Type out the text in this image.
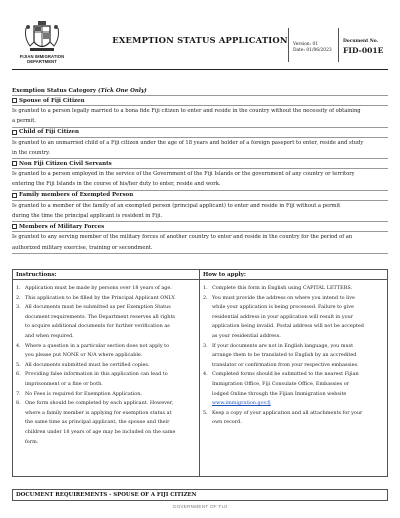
FIJIAN IMMIGRATION DEPARTMENT
EXEMPTION STATUS APPLICATION	Version: 01
Date: 01/06/2023
Document No.
FID-001E
Exemption Status Category (Tick One Only)
Spouse of Fiji Citizen
Is granted to a person legally married to a bona fide Fiji citizen to enter and reside in the country without the necessity of obtaining
a permit.
Child of Fiji Citizen
Is granted to an unmarried child of a Fiji citizen under the age of 18 years and holder of a foreign passport to enter, reside and study
in the country.
Non Fiji Citizen Civil Servants
Is granted to a person employed in the service of the Government of the Fiji Islands or the government of any country or territory
entering the Fiji Islands in the course of his/her duty to enter, reside and work.
Family members of Exempted Person
Is granted to a member of the family of an exempted person (principal applicant) to enter and reside in Fiji without a permit
during the time the principal applicant is resident in Fiji.
Members of Military Forces
Is granted to any serving member of the military forces of another country to enter and reside in the country for the period of an
authorized military exercise, training or secondment.
Instructions:
1. Application must be made by persons over 18 years of age.
2. This application to be filled by the Principal Applicant ONLY.
3. All documents must be submitted as per Exemption Status
document requirements. The Department reserves all rights
to acquire additional documents for further verification as
and when required.
4. Where a question in a particular section does not apply to
you please put NONE or N/A where applicable.
5. All documents submitted must be certified copies.
6. Providing false information in this application can lead to
imprisonment or a fine or both.
7. No Fees is required for Exemption Application.
8. One form should be completed by each applicant. However,
where a family member is applying for exemption status at
the same time as principal applicant, the spouse and their
children under 18 years of age may be included on the same
form.
How to apply:
1. Complete this form in English using CAPITAL LETTERS.
2. You must provide the address on where you intend to live
while your application is being processed. Failure to give
residential address in your application will result in your
application being invalid. Postal address will not be accepted
as your residential address.
3. If your documents are not in English language, you must
arrange them to be translated to English by an accredited
translator or confirmation from your respective embassies.
4. Completed forms should be submitted to the nearest Fijian
Immigration Office, Fiji Consulate Office, Embassies or
lodged Online through the Fijian Immigration website
www.immigration.gov.fj
5. Keep a copy of your application and all attachments for your
own record.
DOCUMENT REQUIREMENTS - SPOUSE OF A FIJI CITIZEN
GOVERNMENT OF FIJI
